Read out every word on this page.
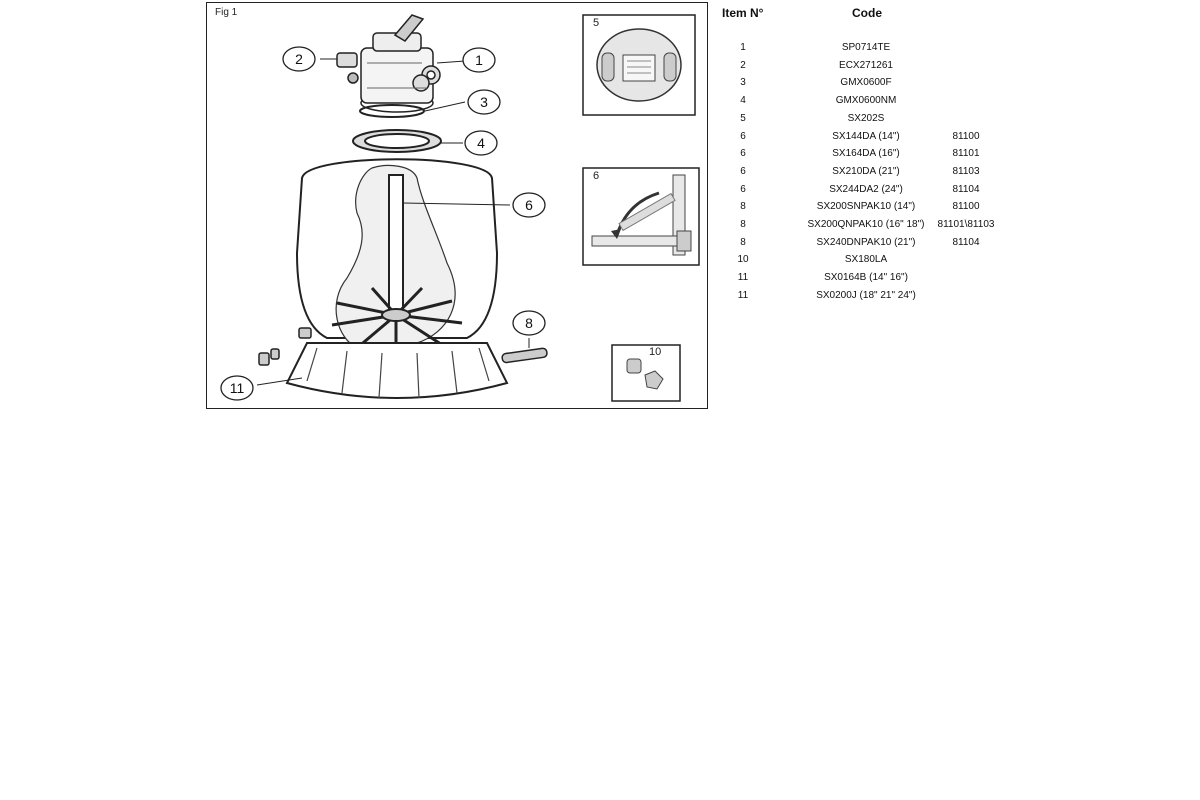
1
2
3
4
6
8
11
Fig 1
5
6
10
Item N°	Code
1	SP0714TE
2	ECX271261
3	GMX0600F
4	GMX0600NM
5	SX202S
6	SX144DA (14")	81100
6	SX164DA (16")	81101
6	SX210DA (21")	81103
6	SX244DA2 (24")	81104
8	SX200SNPAK10 (14")	81100
8	SX200QNPAK10 (16" 18")	81101\81103
8	SX240DNPAK10 (21")	81104
10	SX180LA
11	SX0164B (14" 16")
11	SX0200J (18" 21" 24")
